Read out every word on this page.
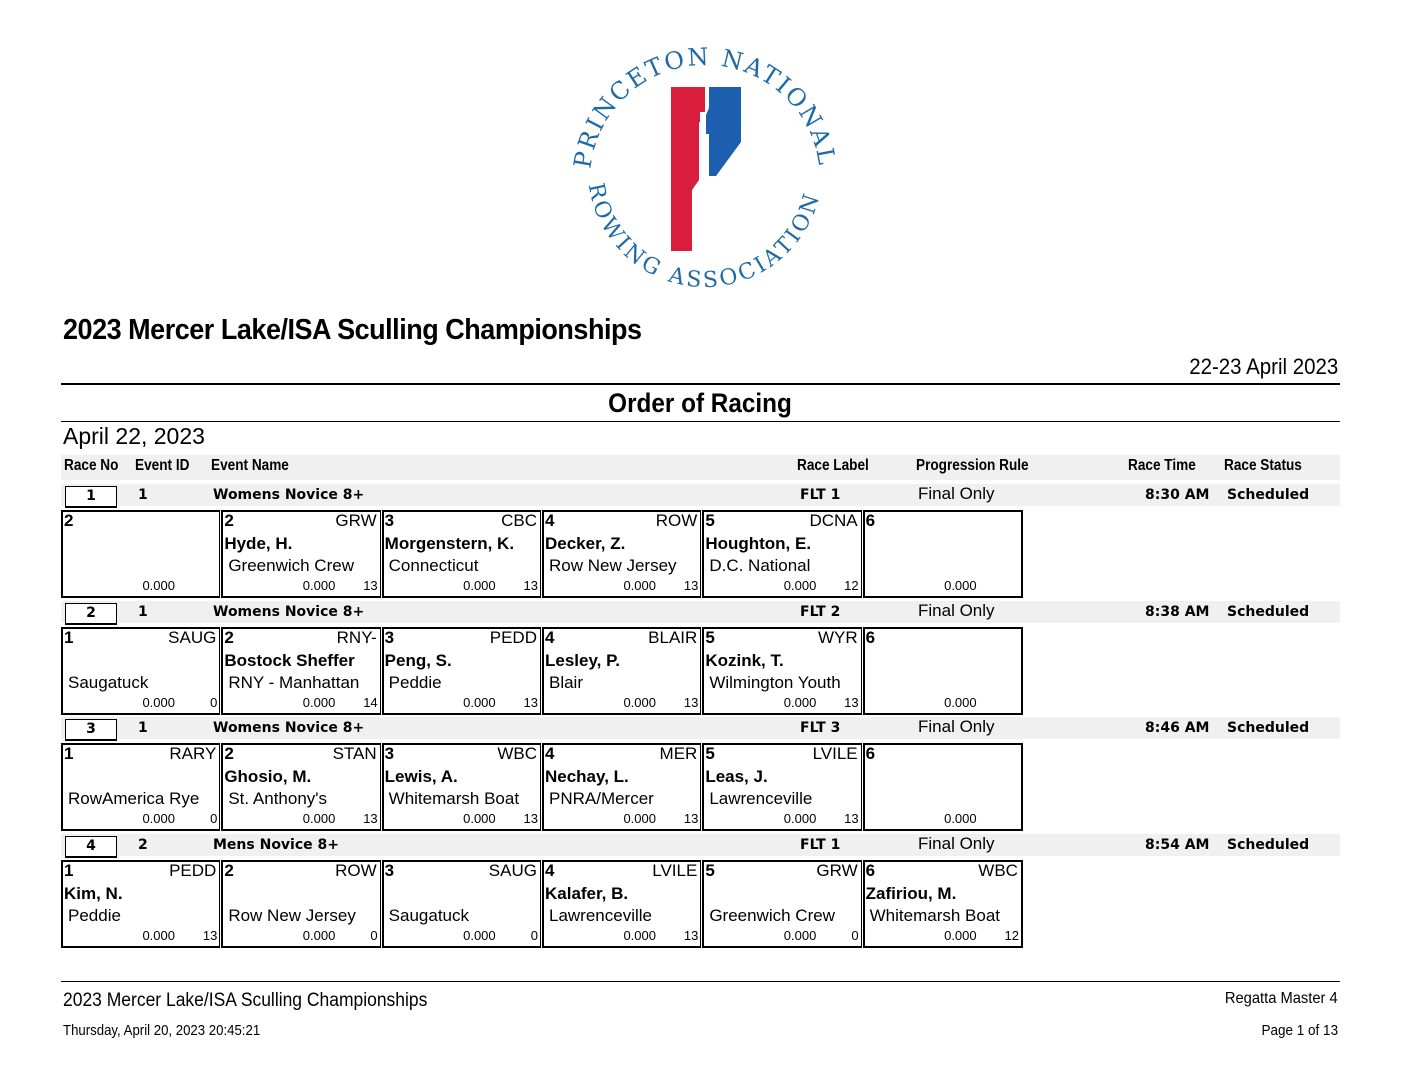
PRINCETON NATIONAL
ROWING ASSOCIATION
2023 Mercer Lake/ISA Sculling Championships
22-23 April 2023
Order of Racing
April 22, 2023
Race No Event ID Event Name	Race Label	Progression Rule	Race Time Race Status
1	1	Womens Novice 8+	FLT 1	Final Only	8:30 AM Scheduled
2
0.000
2	GRW
Hyde, H.
Greenwich Crew
0.000 13
3	CBC
Morgenstern, K.
Connecticut
0.000 13
4	ROW
Decker, Z.
Row New Jersey
0.000 13
5	DCNA
Houghton, E.
D.C. National
0.000 12
6
0.000
2	1	Womens Novice 8+	FLT 2	Final Only	8:38 AM Scheduled
1	SAUG
Saugatuck
0.000	0
2	RNY-
Bostock Sheffer
RNY - Manhattan
0.000 14
3	PEDD
Peng, S.
Peddie
0.000 13
4	BLAIR
Lesley, P.
Blair
0.000 13
5	WYR
Kozink, T.
Wilmington Youth
0.000 13
6
0.000
3	1	Womens Novice 8+	FLT 3	Final Only	8:46 AM Scheduled
1	RARY
RowAmerica Rye
0.000	0
2	STAN
Ghosio, M.
St. Anthony's
0.000 13
3	WBC
Lewis, A.
Whitemarsh Boat
0.000 13
4	MER
Nechay, L.
PNRA/Mercer
0.000 13
5	LVILE
Leas, J.
Lawrenceville
0.000 13
6
0.000
4	2	Mens Novice 8+	FLT 1	Final Only	8:54 AM Scheduled
1	PEDD
Kim, N.
Peddie
0.000 13
2	ROW
Row New Jersey
0.000	0
3	SAUG
Saugatuck
0.000	0
4	LVILE
Kalafer, B.
Lawrenceville
0.000 13
5	GRW
Greenwich Crew
0.000	0
6	WBC
Zafiriou, M.
Whitemarsh Boat
0.000 12
2023 Mercer Lake/ISA Sculling Championships	Regatta Master 4
Thursday, April 20, 2023 20:45:21	Page 1 of 13
